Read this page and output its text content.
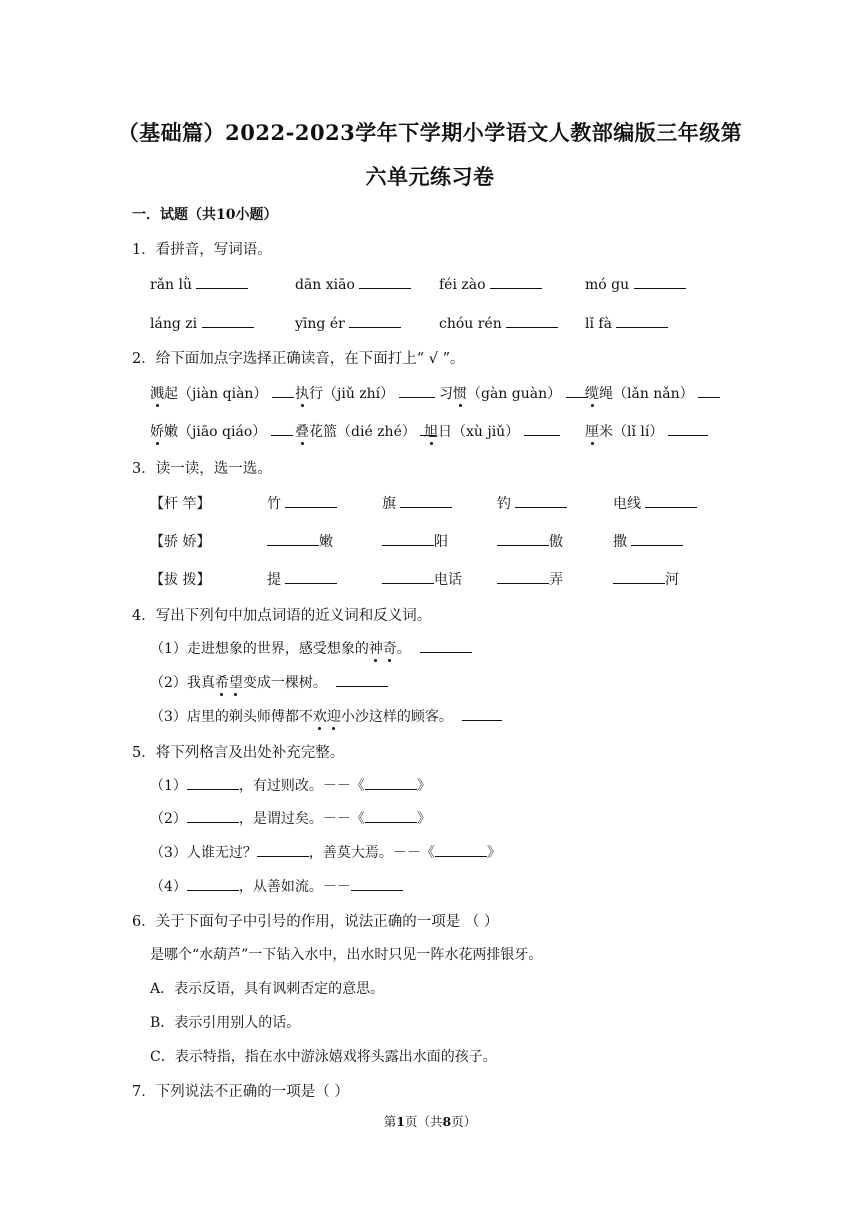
（基础篇）2022-2023学年下学期小学语文人教部编版三年级第
六单元练习卷
一．试题（共10小题）
1．看拼音，写词语。
rǎn lǜ	dān xiāo	féi zào	mó gu
láng zi	yīng ér	chóu rén	lǐ fà
2．给下面加点字选择正确读音，在下面打上“ √ ”。
溅起（jiàn qiàn）	执行（jiǔ zhí）	习惯（gàn guàn）	缆绳（lǎn nǎn）
娇嫩（jiāo qiáo）	叠花篮（dié zhé） 旭日（xù jiǔ）	厘米（lǐ lí）
3．读一读，选一选。
【杆 竿】	竹	旗	钓	电线
【骄 娇】	嫩	阳	傲	撒
【拔 拨】	提	电话	弄	河
4．写出下列句中加点词语的近义词和反义词。
（1）走进想象的世界，感受想象的神奇。
（2）我真希望变成一棵树。
（3）店里的剃头师傅都不欢迎小沙这样的顾客。
5．将下列格言及出处补充完整。
（1）	，有过则改。－－《	》
（2）	，是谓过矣。－－《	》
（3）人谁无过？	，善莫大焉。－－《	》
（4）	，从善如流。－－
6．关于下面句子中引号的作用，说法正确的一项是 （ ）
是哪个“水葫芦”一下钻入水中，出水时只见一阵水花两排银牙。
A．表示反语，具有讽刺否定的意思。
B．表示引用别人的话。
C．表示特指，指在水中游泳嬉戏将头露出水面的孩子。
7．下列说法不正确的一项是（ ）
第1页（共8页）
